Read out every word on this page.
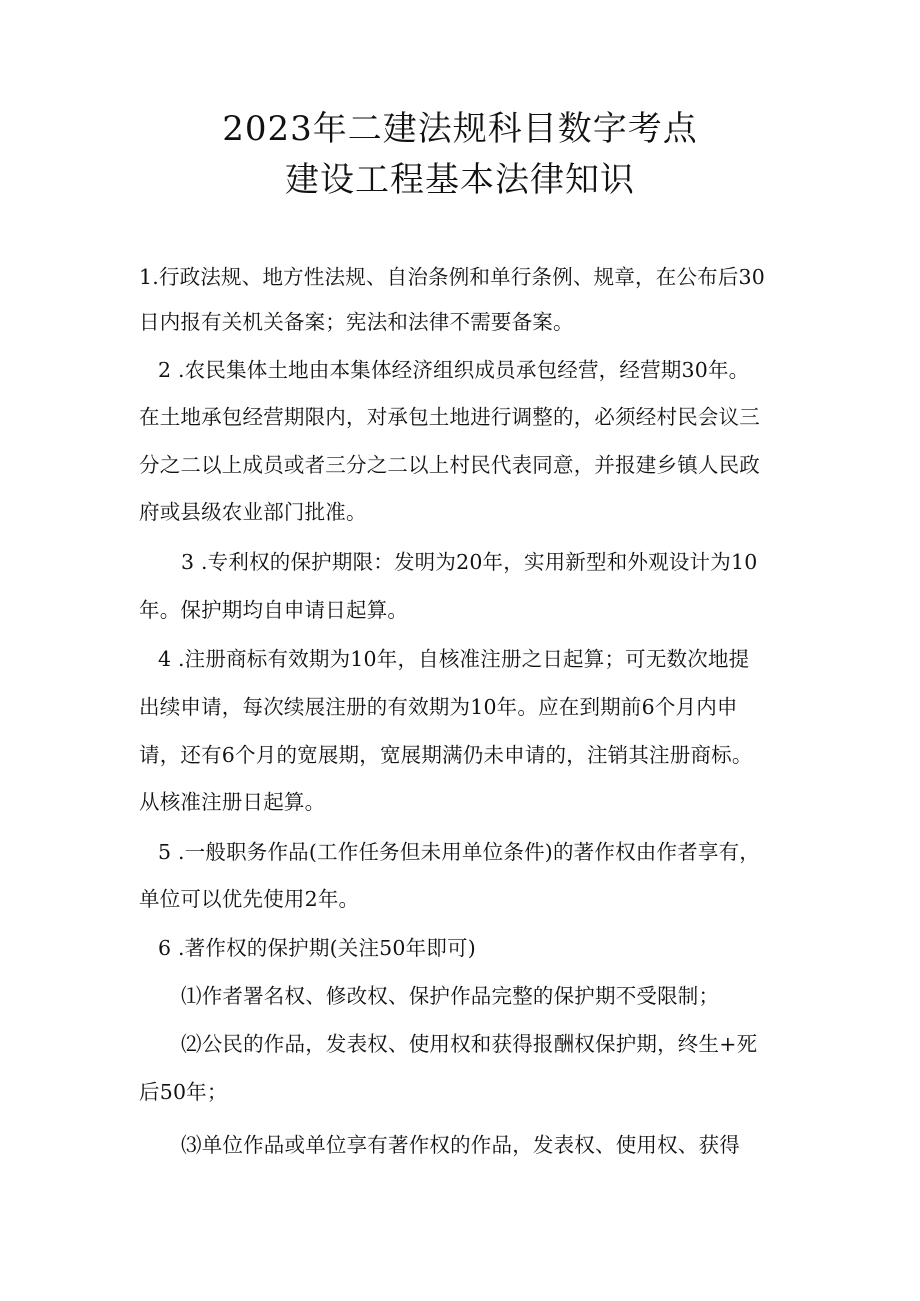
2023年二建法规科目数字考点
建设工程基本法律知识
1.行政法规、地方性法规、自治条例和单行条例、规章，在公布后30
日内报有关机关备案；宪法和法律不需要备案。
2 .农民集体土地由本集体经济组织成员承包经营，经营期30年。
在土地承包经营期限内，对承包土地进行调整的，必须经村民会议三
分之二以上成员或者三分之二以上村民代表同意，并报建乡镇人民政
府或县级农业部门批准。
3 .专利权的保护期限：发明为20年，实用新型和外观设计为10
年。保护期均自申请日起算。
4 .注册商标有效期为10年，自核准注册之日起算；可无数次地提
出续申请，每次续展注册的有效期为10年。应在到期前6个月内申
请，还有6个月的宽展期，宽展期满仍未申请的，注销其注册商标。
从核准注册日起算。
5 .一般职务作品(工作任务但未用单位条件)的著作权由作者享有，
单位可以优先使用2年。
6 .著作权的保护期(关注50年即可)
⑴作者署名权、修改权、保护作品完整的保护期不受限制；
⑵公民的作品，发表权、使用权和获得报酬权保护期，终生+死
后50年；
⑶单位作品或单位享有著作权的作品，发表权、使用权、获得
